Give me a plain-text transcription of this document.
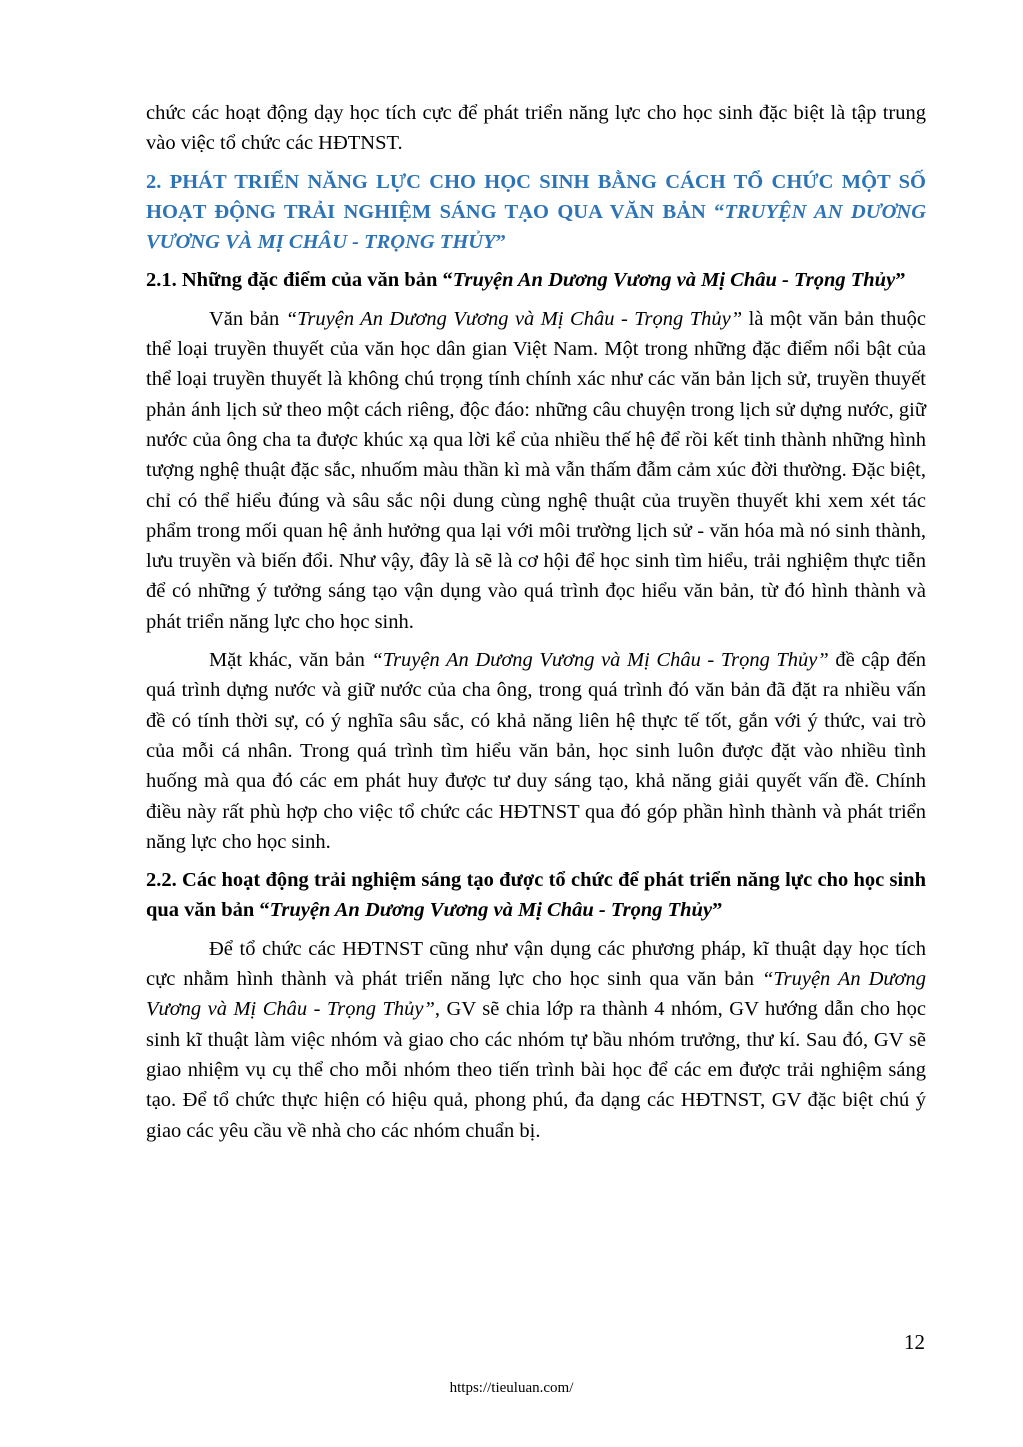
chức các hoạt động dạy học tích cực để phát triển năng lực cho học sinh đặc biệt là tập trung vào việc tổ chức các HĐTNST.

2. PHÁT TRIỂN NĂNG LỰC CHO HỌC SINH BẰNG CÁCH TỔ CHỨC MỘT SỐ HOẠT ĐỘNG TRẢI NGHIỆM SÁNG TẠO QUA VĂN BẢN “TRUYỆN AN DƯƠNG VƯƠNG VÀ MỊ CHÂU - TRỌNG THỦY”

2.1. Những đặc điểm của văn bản “Truyện An Dương Vương và Mị Châu - Trọng Thủy”

Văn bản “Truyện An Dương Vương và Mị Châu - Trọng Thủy” là một văn bản thuộc thể loại truyền thuyết của văn học dân gian Việt Nam. Một trong những đặc điểm nổi bật của thể loại truyền thuyết là không chú trọng tính chính xác như các văn bản lịch sử, truyền thuyết phản ánh lịch sử theo một cách riêng, độc đáo: những câu chuyện trong lịch sử dựng nước, giữ nước của ông cha ta được khúc xạ qua lời kể của nhiều thế hệ để rồi kết tinh thành những hình tượng nghệ thuật đặc sắc, nhuốm màu thần kì mà vẫn thấm đẫm cảm xúc đời thường. Đặc biệt, chỉ có thể hiểu đúng và sâu sắc nội dung cùng nghệ thuật của truyền thuyết khi xem xét tác phẩm trong mối quan hệ ảnh hưởng qua lại với môi trường lịch sử - văn hóa mà nó sinh thành, lưu truyền và biến đổi. Như vậy, đây là sẽ là cơ hội để học sinh tìm hiểu, trải nghiệm thực tiễn để có những ý tưởng sáng tạo vận dụng vào quá trình đọc hiểu văn bản, từ đó hình thành và phát triển năng lực cho học sinh.

Mặt khác, văn bản “Truyện An Dương Vương và Mị Châu - Trọng Thủy” đề cập đến quá trình dựng nước và giữ nước của cha ông, trong quá trình đó văn bản đã đặt ra nhiều vấn đề có tính thời sự, có ý nghĩa sâu sắc, có khả năng liên hệ thực tế tốt, gắn với ý thức, vai trò của mỗi cá nhân. Trong quá trình tìm hiểu văn bản, học sinh luôn được đặt vào nhiều tình huống mà qua đó các em phát huy được tư duy sáng tạo, khả năng giải quyết vấn đề. Chính điều này rất phù hợp cho việc tổ chức các HĐTNST qua đó góp phần hình thành và phát triển năng lực cho học sinh.

2.2. Các hoạt động trải nghiệm sáng tạo được tổ chức để phát triển năng lực cho học sinh qua văn bản “Truyện An Dương Vương và Mị Châu - Trọng Thủy”

Để tổ chức các HĐTNST cũng như vận dụng các phương pháp, kĩ thuật dạy học tích cực nhằm hình thành và phát triển năng lực cho học sinh qua văn bản “Truyện An Dương Vương và Mị Châu - Trọng Thủy”, GV sẽ chia lớp ra thành 4 nhóm, GV hướng dẫn cho học sinh kĩ thuật làm việc nhóm và giao cho các nhóm tự bầu nhóm trưởng, thư kí. Sau đó, GV sẽ giao nhiệm vụ cụ thể cho mỗi nhóm theo tiến trình bài học để các em được trải nghiệm sáng tạo. Để tổ chức thực hiện có hiệu quả, phong phú, đa dạng các HĐTNST, GV đặc biệt chú ý giao các yêu cầu về nhà cho các nhóm chuẩn bị.

12
https://tieuluan.com/
